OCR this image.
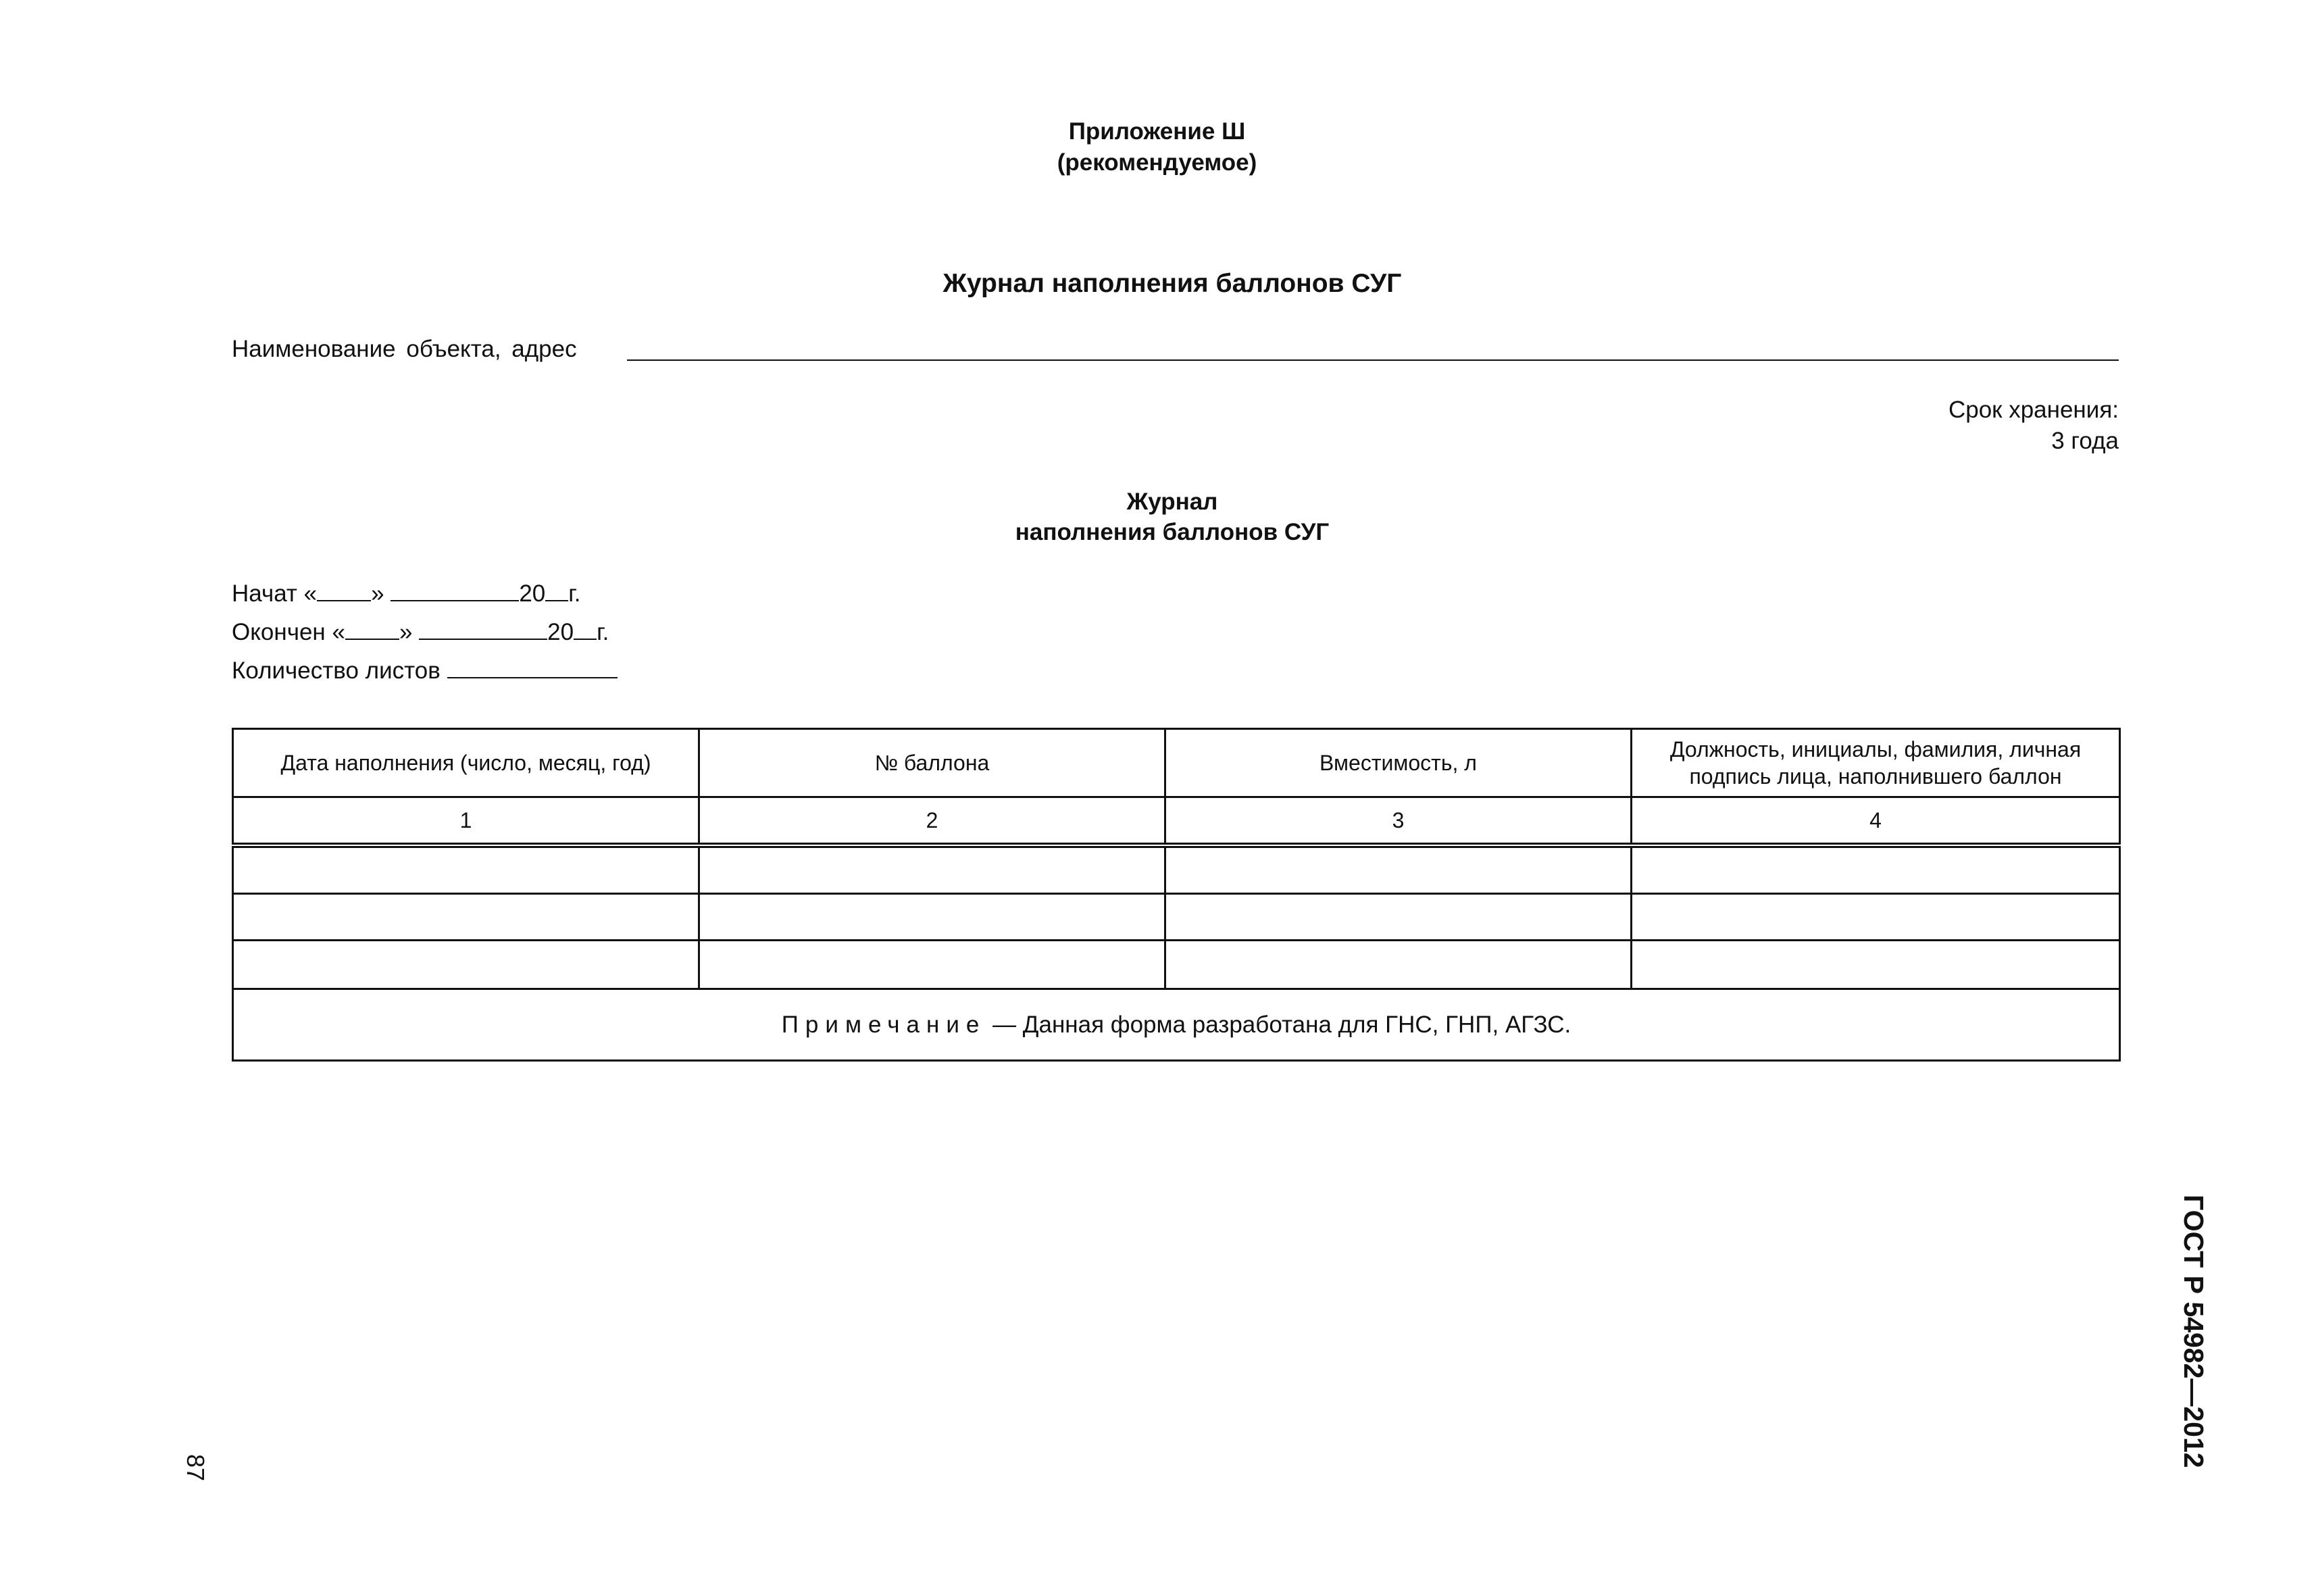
Приложение Ш
(рекомендуемое)
Журнал наполнения баллонов СУГ
Наименование объекта, адрес
Срок хранения:
3 года
Журнал
наполнения баллонов СУГ
Начат « »	20 г.
Окончен « »	20 г.
Количество листов
Дата наполнения (число, месяц, год)	№ баллона	Вместимость, л	Должность, инициалы, фамилия, личная подпись лица, наполнившего баллон
1	2	3	4

Примечание — Данная форма разработана для ГНС, ГНП, АГЗС.			
ГОСТ Р 54982—2012
87
